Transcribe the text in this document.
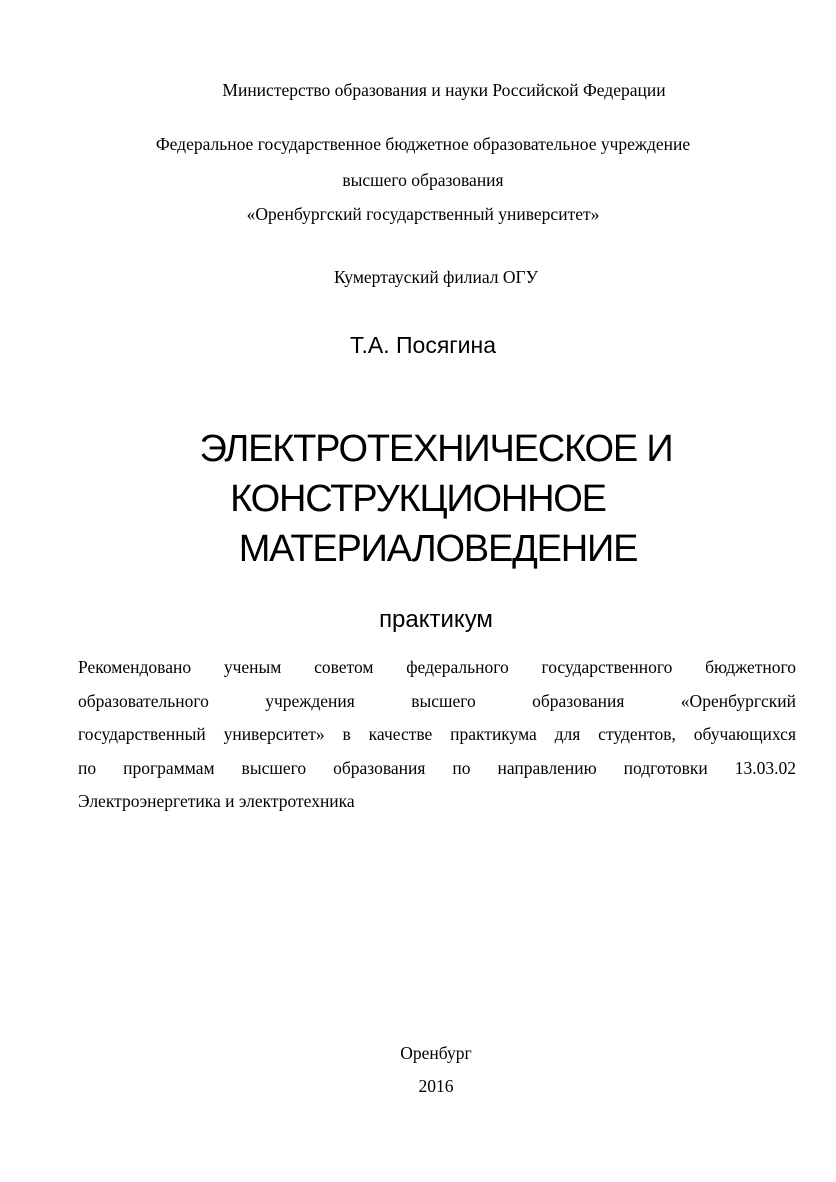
Министерство образования и науки Российской Федерации
Федеральное государственное бюджетное образовательное учреждение
высшего образования
«Оренбургский государственный университет»
Кумертауский филиал ОГУ
Т.А. Посягина
ЭЛЕКТРОТЕХНИЧЕСКОЕ И
КОНСТРУКЦИОННОЕ
МАТЕРИАЛОВЕДЕНИЕ
практикум
Рекомендовано ученым советом федерального государственного бюджетного
образовательного учреждения высшего образования «Оренбургский
государственный университет» в качестве практикума для студентов, обучающихся
по программам высшего образования по направлению подготовки 13.03.02
Электроэнергетика и электротехника
Оренбург
2016
